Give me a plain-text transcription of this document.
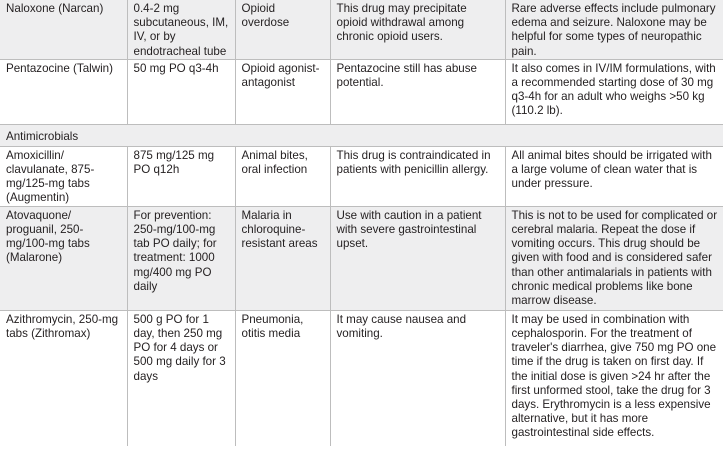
Naloxone (Narcan)	0.4-2 mg subcutaneous, IM, IV, or by endotracheal tube	Opioid overdose	This drug may precipitate opioid withdrawal among chronic opioid users.	Rare adverse effects include pulmonary edema and seizure. Naloxone may be helpful for some types of neuropathic pain.
Pentazocine (Talwin)	50 mg PO q3-4h	Opioid agonist-antagonist	Pentazocine still has abuse potential.	It also comes in IV/IM formulations, with a recommended starting dose of 30 mg q3-4h for an adult who weighs >50 kg (110.2 lb).
Antimicrobials				
Amoxicillin/ clavulanate, 875-mg/125-mg tabs (Augmentin)	875 mg/125 mg PO q12h	Animal bites, oral infection	This drug is contraindicated in patients with penicillin allergy.	All animal bites should be irrigated with a large volume of clean water that is under pressure.
Atovaquone/ proguanil, 250-mg/100-mg tabs (Malarone)	For prevention: 250-mg/100-mg tab PO daily; for treatment: 1000 mg/400 mg PO daily	Malaria in chloroquine-resistant areas	Use with caution in a patient with severe gastrointestinal upset.	This is not to be used for complicated or cerebral malaria. Repeat the dose if vomiting occurs. This drug should be given with food and is considered safer than other antimalarials in patients with chronic medical problems like bone marrow disease.
Azithromycin, 250-mg tabs (Zithromax)	500 g PO for 1 day, then 250 mg PO for 4 days or 500 mg daily for 3 days	Pneumonia, otitis media	It may cause nausea and vomiting.	It may be used in combination with cephalosporin. For the treatment of traveler's diarrhea, give 750 mg PO one time if the drug is taken on first day. If the initial dose is given >24 hr after the first unformed stool, take the drug for 3 days. Erythromycin is a less expensive alternative, but it has more gastrointestinal side effects.
